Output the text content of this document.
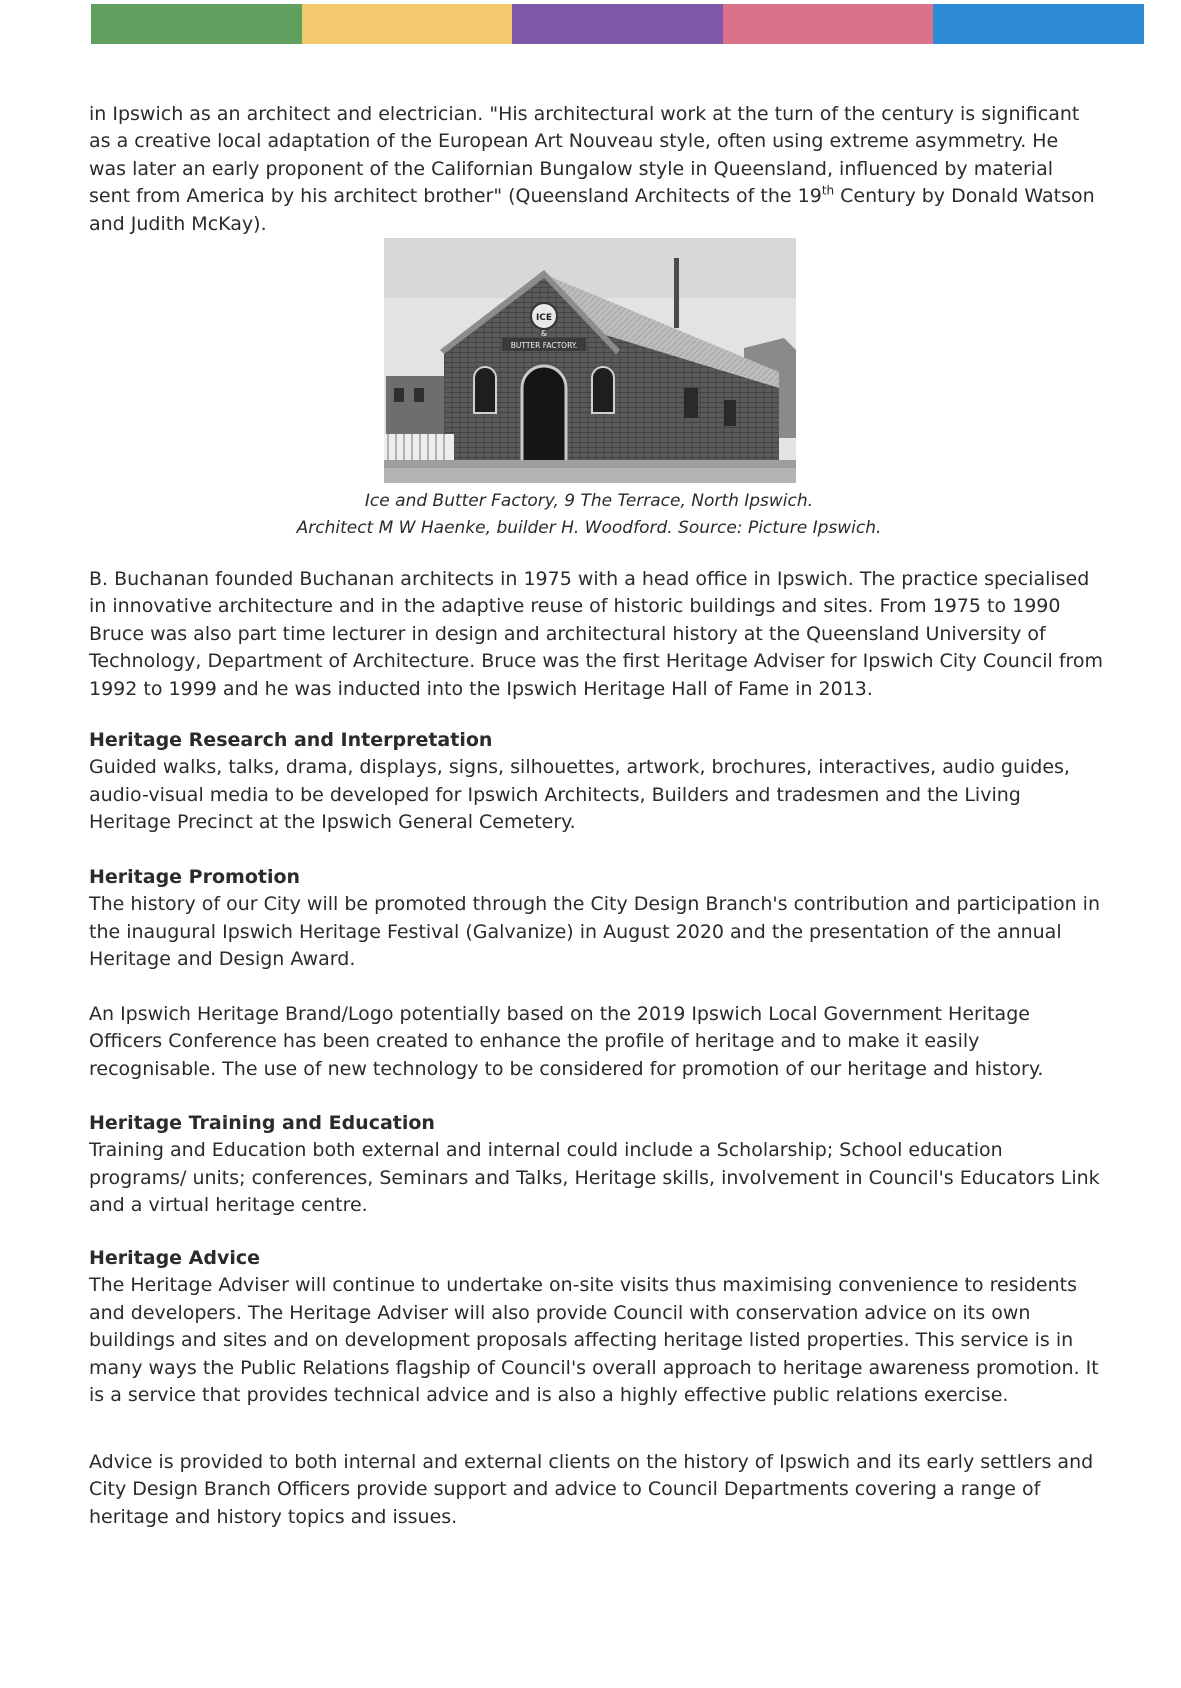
in Ipswich as an architect and electrician. "His architectural work at the turn of the century is significant as a creative local adaptation of the European Art Nouveau style, often using extreme asymmetry. He was later an early proponent of the Californian Bungalow style in Queensland, influenced by material sent from America by his architect brother" (Queensland Architects of the 19th Century by Donald Watson and Judith McKay).

ICE
&
BUTTER FACTORY.
Ice and Butter Factory, 9 The Terrace, North Ipswich.
Architect M W Haenke, builder H. Woodford. Source: Picture Ipswich.

B. Buchanan founded Buchanan architects in 1975 with a head office in Ipswich. The practice specialised in innovative architecture and in the adaptive reuse of historic buildings and sites. From 1975 to 1990 Bruce was also part time lecturer in design and architectural history at the Queensland University of Technology, Department of Architecture. Bruce was the first Heritage Adviser for Ipswich City Council from 1992 to 1999 and he was inducted into the Ipswich Heritage Hall of Fame in 2013.

Heritage Research and Interpretation

Guided walks, talks, drama, displays, signs, silhouettes, artwork, brochures, interactives, audio guides, audio-visual media to be developed for Ipswich Architects, Builders and tradesmen and the Living Heritage Precinct at the Ipswich General Cemetery.

Heritage Promotion

The history of our City will be promoted through the City Design Branch's contribution and participation in the inaugural Ipswich Heritage Festival (Galvanize) in August 2020 and the presentation of the annual Heritage and Design Award.

An Ipswich Heritage Brand/Logo potentially based on the 2019 Ipswich Local Government Heritage Officers Conference has been created to enhance the profile of heritage and to make it easily recognisable. The use of new technology to be considered for promotion of our heritage and history.

Heritage Training and Education

Training and Education both external and internal could include a Scholarship; School education programs/ units; conferences, Seminars and Talks, Heritage skills, involvement in Council's Educators Link and a virtual heritage centre.

Heritage Advice

The Heritage Adviser will continue to undertake on-site visits thus maximising convenience to residents and developers. The Heritage Adviser will also provide Council with conservation advice on its own buildings and sites and on development proposals affecting heritage listed properties. This service is in many ways the Public Relations flagship of Council's overall approach to heritage awareness promotion. It is a service that provides technical advice and is also a highly effective public relations exercise.

Advice is provided to both internal and external clients on the history of Ipswich and its early settlers and City Design Branch Officers provide support and advice to Council Departments covering a range of heritage and history topics and issues.
